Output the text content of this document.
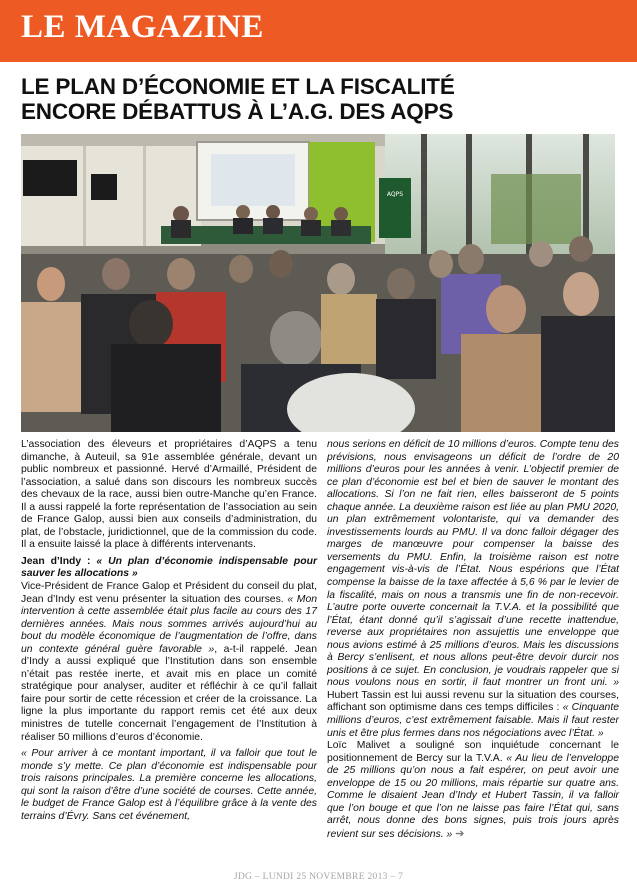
LE MAGAZINE
LE PLAN D’ÉCONOMIE ET LA FISCALITÉ
ENCORE DÉBATTUS À L’A.G. DES AQPS
AQPS

L’association des éleveurs et propriétaires d’AQPS a tenu dimanche, à Auteuil, sa 91e assemblée générale, devant un public nombreux et passionné. Hervé d’Armaillé, Président de l’association, a salué dans son discours les nombreux succès des chevaux de la race, aussi bien outre-Manche qu’en France. Il a aussi rappelé la forte représentation de l’association au sein de France Galop, aussi bien aux conseils d’administration, du plat, de l’obstacle, juridictionnel, que de la commission du code. Il a ensuite laissé la place à différents intervenants.

Jean d’Indy : « Un plan d’économie indispensable pour sauver les allocations »

Vice-Président de France Galop et Président du conseil du plat, Jean d’Indy est venu présenter la situation des courses. « Mon intervention à cette assemblée était plus facile au cours des 17 dernières années. Mais nous sommes arrivés aujourd’hui au bout du modèle économique de l’augmentation de l’offre, dans un contexte général guère favorable », a-t-il rappelé. Jean d’Indy a aussi expliqué que l’Institution dans son ensemble n’était pas restée inerte, et avait mis en place un comité stratégique pour analyser, auditer et réfléchir à ce qu’il fallait faire pour sortir de cette récession et créer de la croissance. La ligne la plus importante du rapport remis cet été aux deux ministres de tutelle concernait l’engagement de l’Institution à réaliser 50 millions d’euros d’économie.

« Pour arriver à ce montant important, il va falloir que tout le monde s’y mette. Ce plan d’économie est indispensable pour trois raisons principales. La première concerne les allocations, qui sont la raison d’être d’une société de courses. Cette année, le budget de France Galop est à l’équilibre grâce à la vente des terrains d’Évry. Sans cet événement,

nous serions en déficit de 10 millions d’euros. Compte tenu des prévisions, nous envisageons un déficit de l’ordre de 20 millions d’euros pour les années à venir. L’objectif premier de ce plan d’économie est bel et bien de sauver le montant des allocations. Si l’on ne fait rien, elles baisseront de 5 points chaque année. La deuxième raison est liée au plan PMU 2020, un plan extrêmement volontariste, qui va demander des investissements lourds au PMU. Il va donc falloir dégager des marges de manœuvre pour compenser la baisse des versements du PMU. Enfin, la troisième raison est notre engagement vis-à-vis de l’État. Nous espérions que l’État compense la baisse de la taxe affectée à 5,6 % par le levier de la fiscalité, mais on nous a transmis une fin de non-recevoir. L’autre porte ouverte concernait la T.V.A. et la possibilité que l’État, étant donné qu’il s’agissait d’une recette inattendue, reverse aux propriétaires non assujettis une enveloppe que nous avions estimé à 25 millions d’euros. Mais les discussions à Bercy s’enlisent, et nous allons peut-être devoir durcir nos positions à ce sujet. En conclusion, je voudrais rappeler que si nous voulons nous en sortir, il faut montrer un front uni. » Hubert Tassin est lui aussi revenu sur la situation des courses, affichant son optimisme dans ces temps difficiles : « Cinquante millions d’euros, c’est extrêmement faisable. Mais il faut rester unis et être plus fermes dans nos négociations avec l’État. »

Loïc Malivet a souligné son inquiétude concernant le positionnement de Bercy sur la T.V.A. « Au lieu de l’enveloppe de 25 millions qu’on nous a fait espérer, on peut avoir une enveloppe de 15 ou 20 millions, mais répartie sur quatre ans. Comme le disaient Jean d’Indy et Hubert Tassin, il va falloir que l’on bouge et que l’on ne laisse pas faire l’État qui, sans arrêt, nous donne des bons signes, puis trois jours après revient sur ses décisions. » ➔

JDG – LUNDI 25 NOVEMBRE 2013 – 7
